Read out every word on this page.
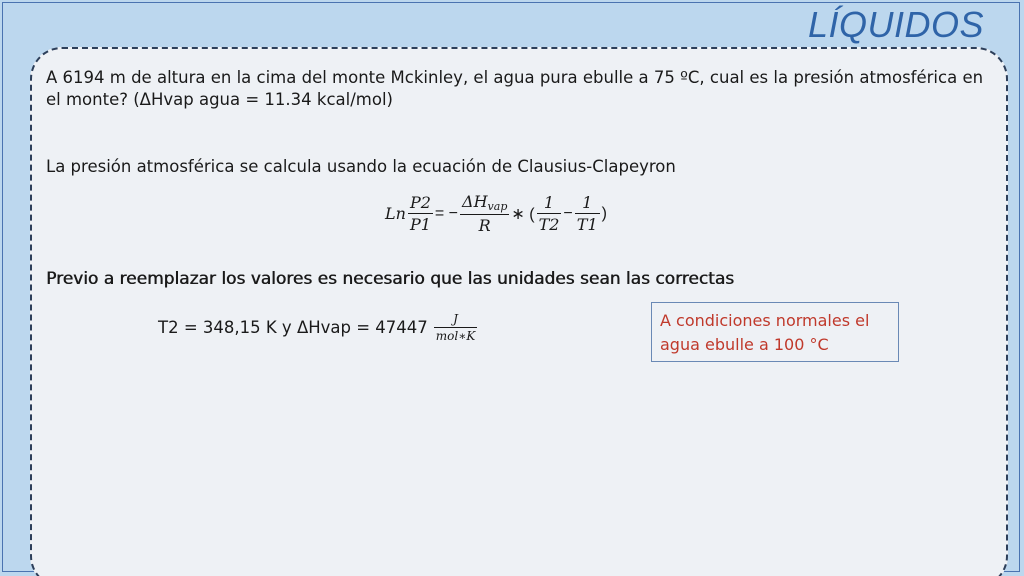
LÍQUIDOS
A 6194 m de altura en la cima del monte Mckinley, el agua pura ebulle a 75 ºC, cual es la presión atmosférica en el monte? (ΔHvap agua = 11.34 kcal/mol)
La presión atmosférica se calcula usando la ecuación de Clausius-Clapeyron
Ln $\frac{P2}{P1}$ = − $\frac{\Delta H_{vap}}{R}$ ∗ ( $\frac{1}{T2} - \frac{1}{T1}$ )
Previo a reemplazar los valores es necesario que las unidades sean las correctas
T2 = 348,15 K y ΔHvap = $47447 \frac{J}{\text{mol∗K}}$	A condiciones normales el agua ebulle a 100 °C
